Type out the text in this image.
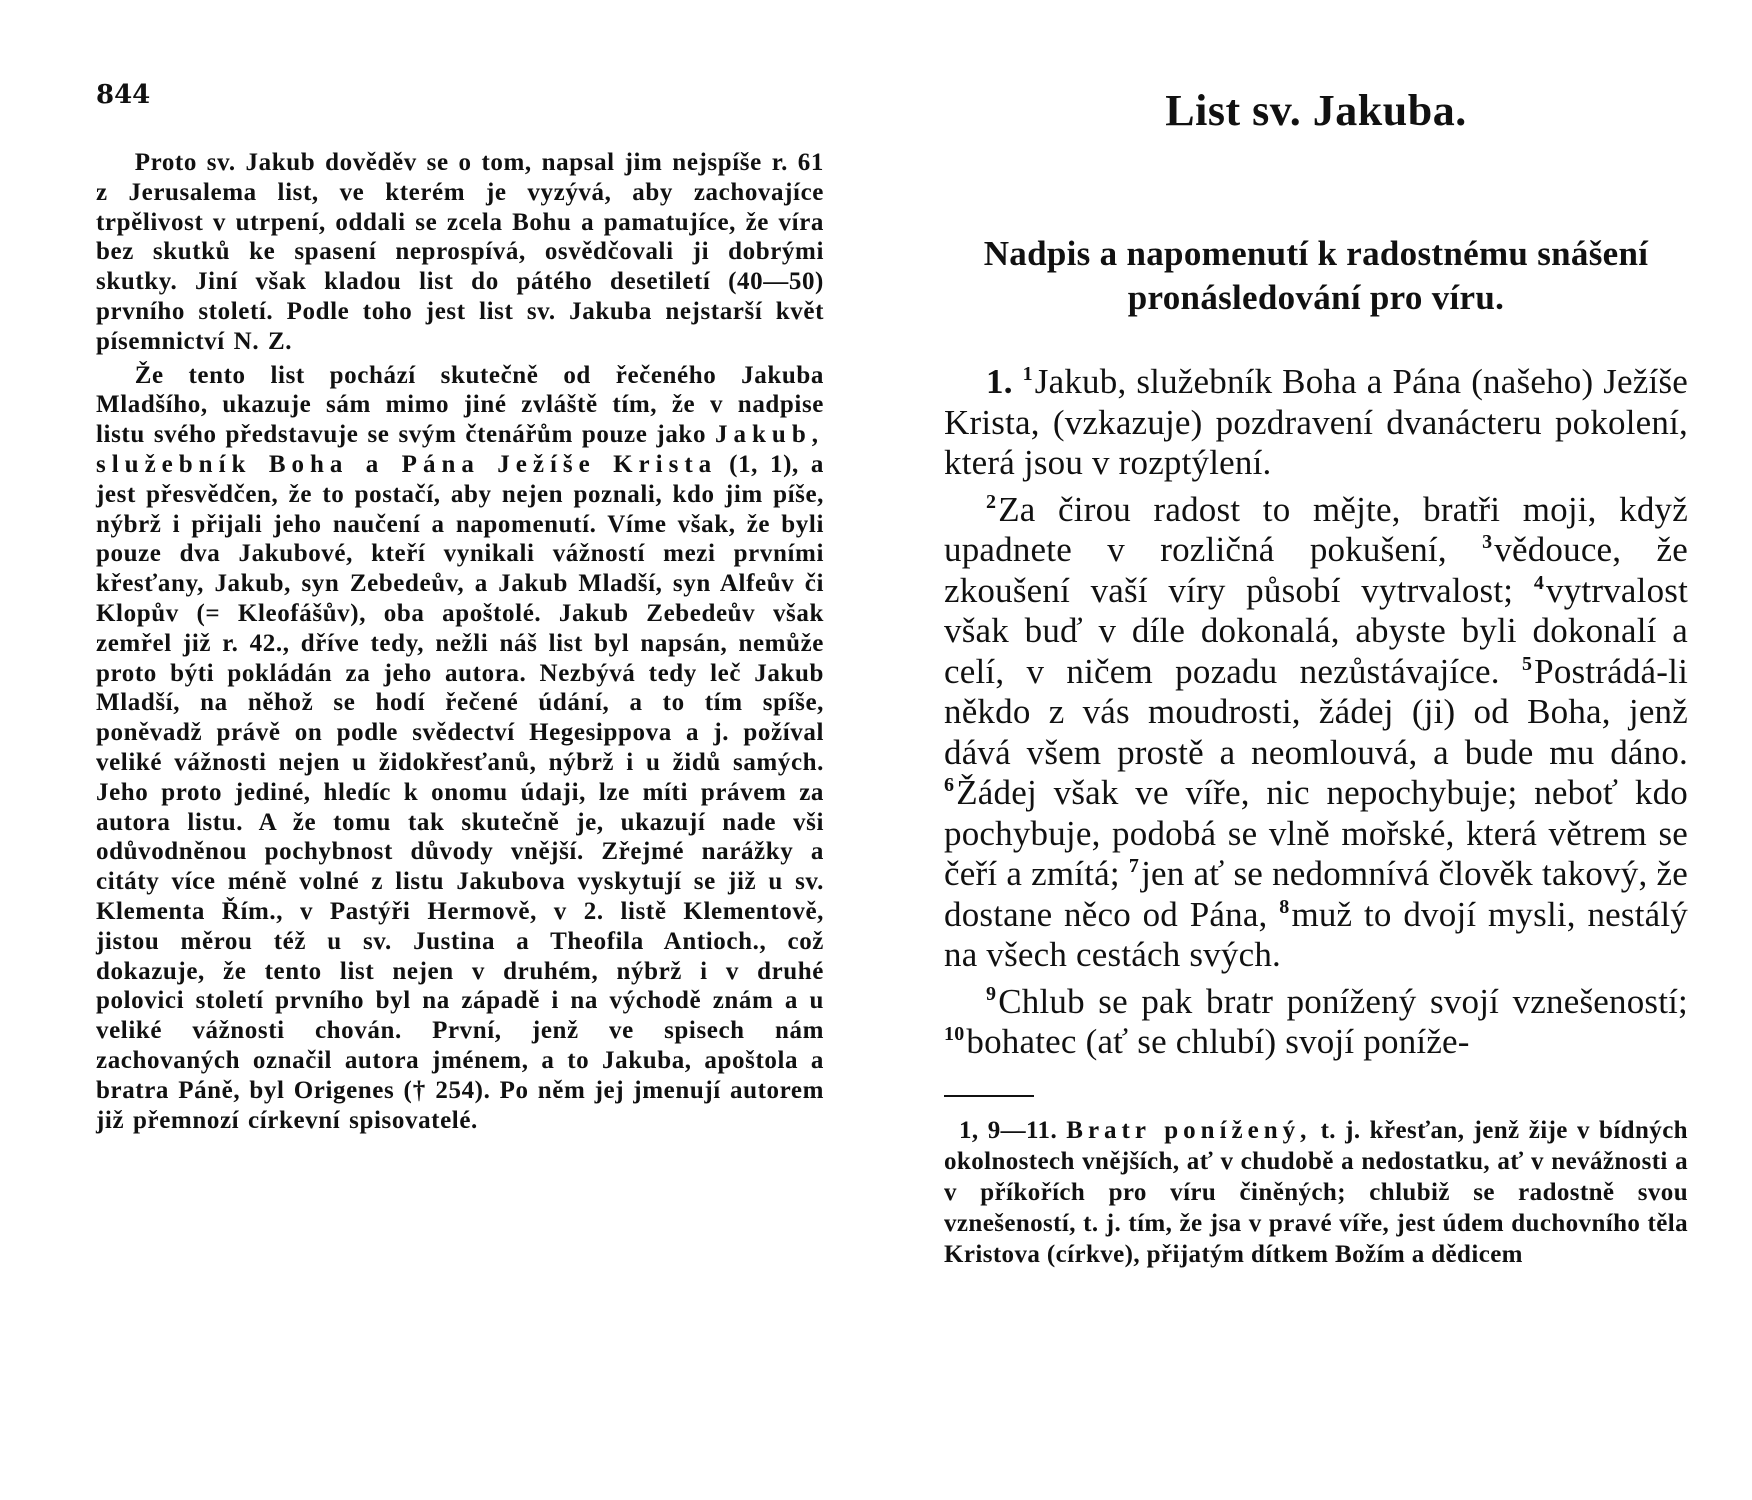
844

  Proto sv. Jakub dověděv se o tom, napsal jim nejspíše r. 61 z Jerusalema list, ve kterém je vyzývá, aby zachovajíce trpělivost v utrpení, oddali se zcela Bohu a pamatujíce, že víra bez skutků ke spasení neprospívá, osvědčovali ji dobrými skutky. Jiní však kladou list do pátého desetiletí (40—50) prvního století. Podle toho jest list sv. Jakuba nejstarší květ písemnictví N. Z.

  Že tento list pochází skutečně od řečeného Jakuba Mladšího, ukazuje sám mimo jiné zvláště tím, že v nadpise listu svého představuje se svým čtenářům pouze jako Jakub, služebník Boha a Pána Ježíše Krista (1, 1), a jest přesvědčen, že to postačí, aby nejen poznali, kdo jim píše, nýbrž i přijali jeho naučení a napomenutí. Víme však, že byli pouze dva Jakubové, kteří vynikali vážností mezi prvními křesťany, Jakub, syn Zebedeův, a Jakub Mladší, syn Alfeův či Klopův (= Kleofášův), oba apoštolé. Jakub Zebedeův však zemřel již r. 42., dříve tedy, nežli náš list byl napsán, nemůže proto býti pokládán za jeho autora. Nezbývá tedy leč Jakub Mladší, na něhož se hodí řečené údání, a to tím spíše, poněvadž právě on podle svědectví Hegesippova a j. požíval veliké vážnosti nejen u židokřesťanů, nýbrž i u židů samých. Jeho proto jediné, hledíc k onomu údaji, lze míti právem za autora listu. A že tomu tak skutečně je, ukazují nade vši odůvodněnou pochybnost důvody vnější. Zřejmé narážky a citáty více méně volné z listu Jakubova vyskytují se již u sv. Klementa Řím., v Pastýři Hermově, v 2. listě Klementově, jistou měrou též u sv. Justina a Theofila Antioch., což dokazuje, že tento list nejen v druhém, nýbrž i v druhé polovici století prvního byl na západě i na východě znám a u veliké vážnosti chován. První, jenž ve spisech nám zachovaných označil autora jménem, a to Jakuba, apoštola a bratra Páně, byl Origenes († 254). Po něm jej jmenují autorem již přemnozí církevní spisovatelé.

List sv. Jakuba.
Nadpis a napomenutí k radostnému snášení pronásledování pro víru.

1. $^1$Jakub, služebník Boha a Pána (našeho) Ježíše Krista, (vzkazuje) pozdravení dvanácteru pokolení, která jsou v rozptýlení.

$^2$Za čirou radost to mějte, bratři moji, když upadnete v rozličná pokušení, $^3$vědouce, že zkoušení vaší víry působí vytrvalost; $^4$vytrvalost však buď v díle dokonalá, abyste byli dokonalí a celí, v ničem pozadu nezůstávajíce. $^5$Postrádá-li někdo z vás moudrosti, žádej (ji) od Boha, jenž dává všem prostě a neomlouvá, a bude mu dáno. $^6$Žádej však ve víře, nic nepochybuje; neboť kdo pochybuje, podobá se vlně mořské, která větrem se čeří a zmítá; $^7$jen ať se nedomnívá člověk takový, že dostane něco od Pána, $^8$muž to dvojí mysli, nestálý na všech cestách svých.

$^9$Chlub se pak bratr ponížený svojí vznešeností; $^{10}$bohatec (ať se chlubí) svojí poníže-

1, 9—11. Bratr ponížený, t. j. křesťan, jenž žije v bídných okolnostech vnějších, ať v chudobě a nedostatku, ať v nevážnosti a v příkořích pro víru činěných; chlubiž se radostně svou vznešeností, t. j. tím, že jsa v pravé víře, jest údem duchovního těla Kristova (církve), přijatým dítkem Božím a dědicem
